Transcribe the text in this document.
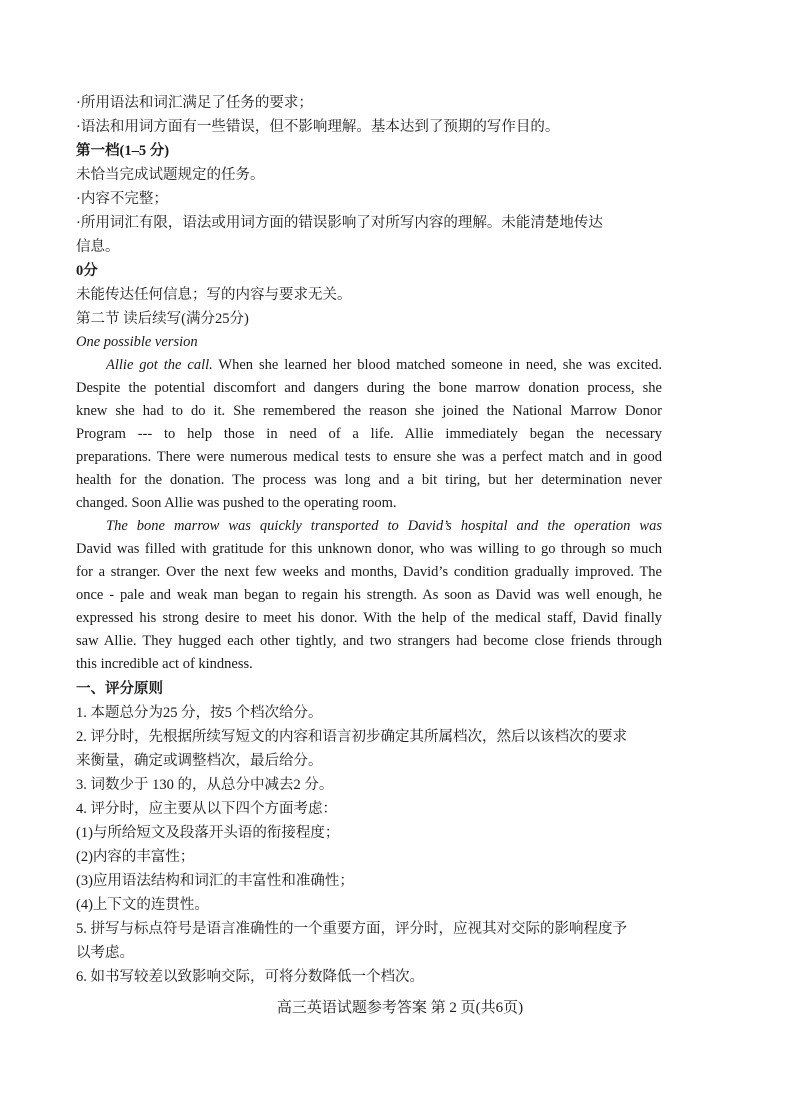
·所用语法和词汇满足了任务的要求；
·语法和用词方面有一些错误，但不影响理解。基本达到了预期的写作目的。
第一档(1–5 分)
未恰当完成试题规定的任务。
·内容不完整；
·所用词汇有限，语法或用词方面的错误影响了对所写内容的理解。未能清楚地传达
信息。
0分
未能传达任何信息；写的内容与要求无关。
第二节 读后续写(满分25分)
One possible version
Allie got the call. When she learned her blood matched someone in need, she was excited.
Despite the potential discomfort and dangers during the bone marrow donation process, she
knew she had to do it. She remembered the reason she joined the National Marrow Donor
Program --- to help those in need of a life. Allie immediately began the necessary
preparations. There were numerous medical tests to ensure she was a perfect match and in good
health for the donation. The process was long and a bit tiring, but her determination never
changed. Soon Allie was pushed to the operating room.
The bone marrow was quickly transported to David’s hospital and the operation was
David was filled with gratitude for this unknown donor, who was willing to go through so much
for a stranger. Over the next few weeks and months, David’s condition gradually improved. The
once - pale and weak man began to regain his strength. As soon as David was well enough, he
expressed his strong desire to meet his donor. With the help of the medical staff, David finally
saw Allie. They hugged each other tightly, and two strangers had become close friends through
this incredible act of kindness.
一、评分原则
1. 本题总分为25 分，按5 个档次给分。
2. 评分时，先根据所续写短文的内容和语言初步确定其所属档次，然后以该档次的要求
来衡量，确定或调整档次，最后给分。
3. 词数少于 130 的，从总分中减去2 分。
4. 评分时，应主要从以下四个方面考虑：
(1)与所给短文及段落开头语的衔接程度；
(2)内容的丰富性；
(3)应用语法结构和词汇的丰富性和准确性；
(4)上下文的连贯性。
5. 拼写与标点符号是语言准确性的一个重要方面，评分时，应视其对交际的影响程度予
以考虑。
6. 如书写较差以致影响交际，可将分数降低一个档次。
高三英语试题参考答案 第 2 页(共6页)
